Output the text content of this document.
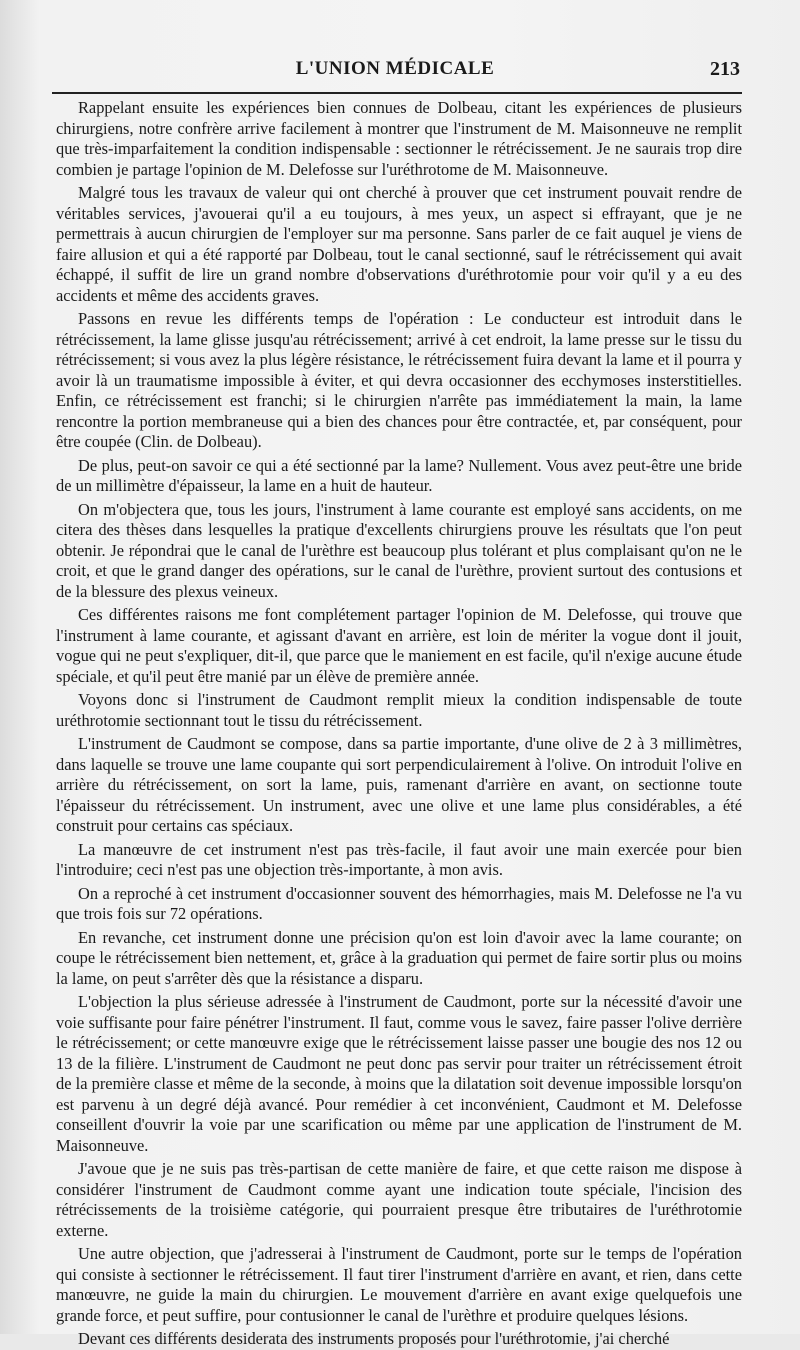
L'UNION MÉDICALE	213

Rappelant ensuite les expériences bien connues de Dolbeau, citant les expériences de plusieurs chirurgiens, notre confrère arrive facilement à montrer que l'instrument de M. Maisonneuve ne remplit que très-imparfaitement la condition indispensable : sectionner le rétrécissement. Je ne saurais trop dire combien je partage l'opinion de M. Delefosse sur l'uréthrotome de M. Maisonneuve.

Malgré tous les travaux de valeur qui ont cherché à prouver que cet instrument pouvait rendre de véritables services, j'avouerai qu'il a eu toujours, à mes yeux, un aspect si effrayant, que je ne permettrais à aucun chirurgien de l'employer sur ma personne. Sans parler de ce fait auquel je viens de faire allusion et qui a été rapporté par Dolbeau, tout le canal sectionné, sauf le rétrécissement qui avait échappé, il suffit de lire un grand nombre d'observations d'uréthrotomie pour voir qu'il y a eu des accidents et même des accidents graves.

Passons en revue les différents temps de l'opération : Le conducteur est introduit dans le rétrécissement, la lame glisse jusqu'au rétrécissement; arrivé à cet endroit, la lame presse sur le tissu du rétrécissement; si vous avez la plus légère résistance, le rétrécissement fuira devant la lame et il pourra y avoir là un traumatisme impossible à éviter, et qui devra occasionner des ecchymoses insterstitielles. Enfin, ce rétrécissement est franchi; si le chirurgien n'arrête pas immédiatement la main, la lame rencontre la portion membraneuse qui a bien des chances pour être contractée, et, par conséquent, pour être coupée (Clin. de Dolbeau).

De plus, peut-on savoir ce qui a été sectionné par la lame? Nullement. Vous avez peut-être une bride de un millimètre d'épaisseur, la lame en a huit de hauteur.

On m'objectera que, tous les jours, l'instrument à lame courante est employé sans accidents, on me citera des thèses dans lesquelles la pratique d'excellents chirurgiens prouve les résultats que l'on peut obtenir. Je répondrai que le canal de l'urèthre est beaucoup plus tolérant et plus complaisant qu'on ne le croit, et que le grand danger des opérations, sur le canal de l'urèthre, provient surtout des contusions et de la blessure des plexus veineux.

Ces différentes raisons me font complétement partager l'opinion de M. Delefosse, qui trouve que l'instrument à lame courante, et agissant d'avant en arrière, est loin de mériter la vogue dont il jouit, vogue qui ne peut s'expliquer, dit-il, que parce que le maniement en est facile, qu'il n'exige aucune étude spéciale, et qu'il peut être manié par un élève de première année.

Voyons donc si l'instrument de Caudmont remplit mieux la condition indispensable de toute uréthrotomie sectionnant tout le tissu du rétrécissement.

L'instrument de Caudmont se compose, dans sa partie importante, d'une olive de 2 à 3 millimètres, dans laquelle se trouve une lame coupante qui sort perpendiculairement à l'olive. On introduit l'olive en arrière du rétrécissement, on sort la lame, puis, ramenant d'arrière en avant, on sectionne toute l'épaisseur du rétrécissement. Un instrument, avec une olive et une lame plus considérables, a été construit pour certains cas spéciaux.

La manœuvre de cet instrument n'est pas très-facile, il faut avoir une main exercée pour bien l'introduire; ceci n'est pas une objection très-importante, à mon avis.

On a reproché à cet instrument d'occasionner souvent des hémorrhagies, mais M. Delefosse ne l'a vu que trois fois sur 72 opérations.

En revanche, cet instrument donne une précision qu'on est loin d'avoir avec la lame courante; on coupe le rétrécissement bien nettement, et, grâce à la graduation qui permet de faire sortir plus ou moins la lame, on peut s'arrêter dès que la résistance a disparu.

L'objection la plus sérieuse adressée à l'instrument de Caudmont, porte sur la nécessité d'avoir une voie suffisante pour faire pénétrer l'instrument. Il faut, comme vous le savez, faire passer l'olive derrière le rétrécissement; or cette manœuvre exige que le rétrécissement laisse passer une bougie des nos 12 ou 13 de la filière. L'instrument de Caudmont ne peut donc pas servir pour traiter un rétrécissement étroit de la première classe et même de la seconde, à moins que la dilatation soit devenue impossible lorsqu'on est parvenu à un degré déjà avancé. Pour remédier à cet inconvénient, Caudmont et M. Delefosse conseillent d'ouvrir la voie par une scarification ou même par une application de l'instrument de M. Maisonneuve.

J'avoue que je ne suis pas très-partisan de cette manière de faire, et que cette raison me dispose à considérer l'instrument de Caudmont comme ayant une indication toute spéciale, l'incision des rétrécissements de la troisième catégorie, qui pourraient presque être tributaires de l'uréthrotomie externe.

Une autre objection, que j'adresserai à l'instrument de Caudmont, porte sur le temps de l'opération qui consiste à sectionner le rétrécissement. Il faut tirer l'instrument d'arrière en avant, et rien, dans cette manœuvre, ne guide la main du chirurgien. Le mouvement d'arrière en avant exige quelquefois une grande force, et peut suffire, pour contusionner le canal de l'urèthre et produire quelques lésions.

Devant ces différents desiderata des instruments proposés pour l'uréthrotomie, j'ai cherché
